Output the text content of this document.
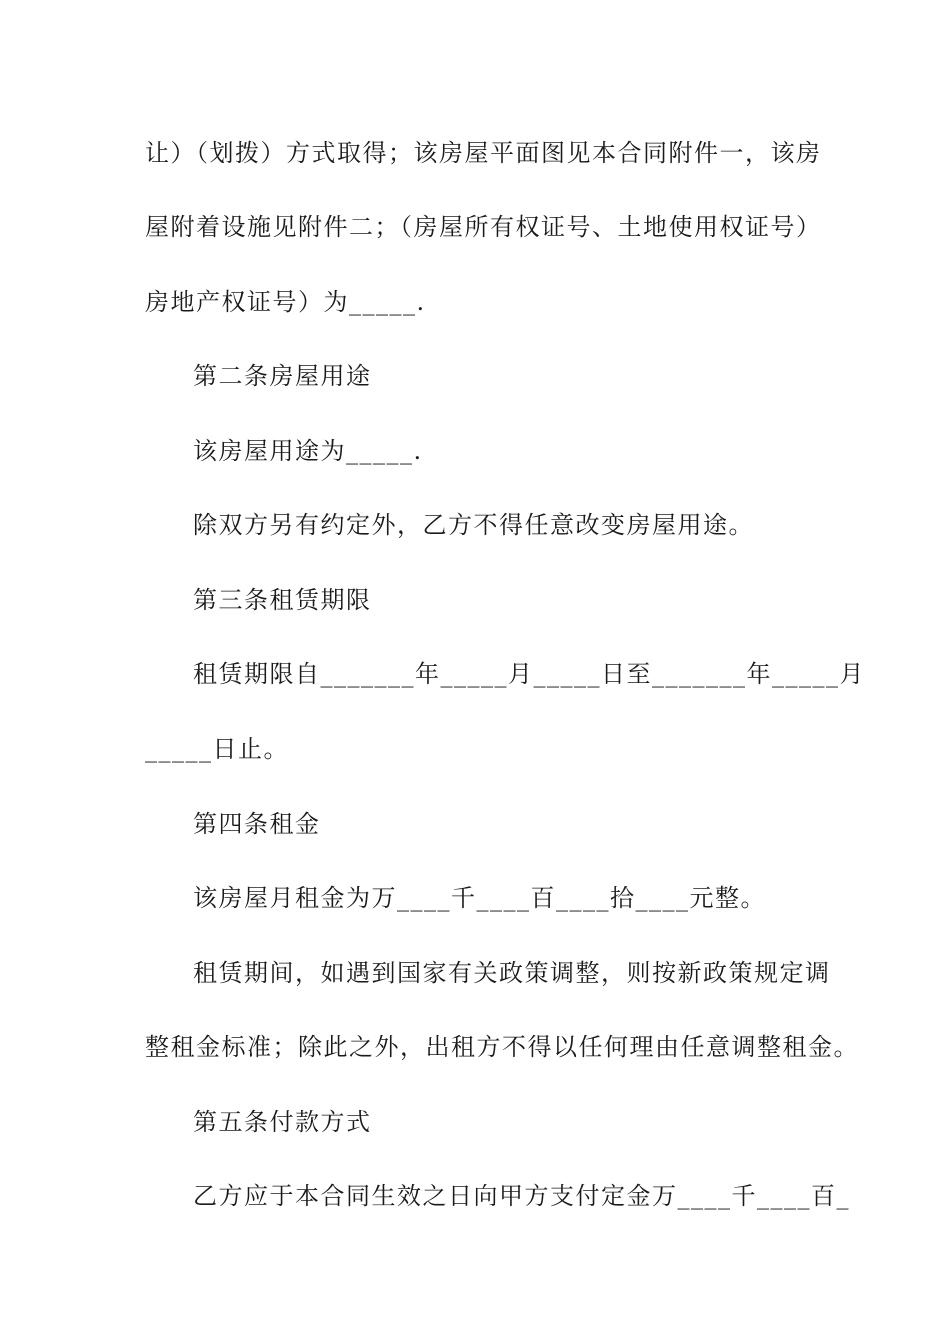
让）（划拨）方式取得；该房屋平面图见本合同附件一，该房
屋附着设施见附件二；（房屋所有权证号、土地使用权证号）
房地产权证号）为_____.
第二条房屋用途
该房屋用途为_____.
除双方另有约定外，乙方不得任意改变房屋用途。
第三条租赁期限
租赁期限自_______年_____月_____日至_______年_____月
_____日止。
第四条租金
该房屋月租金为万____千____百____拾____元整。
租赁期间，如遇到国家有关政策调整，则按新政策规定调
整租金标准；除此之外，出租方不得以任何理由任意调整租金。
第五条付款方式
乙方应于本合同生效之日向甲方支付定金万____千____百_
